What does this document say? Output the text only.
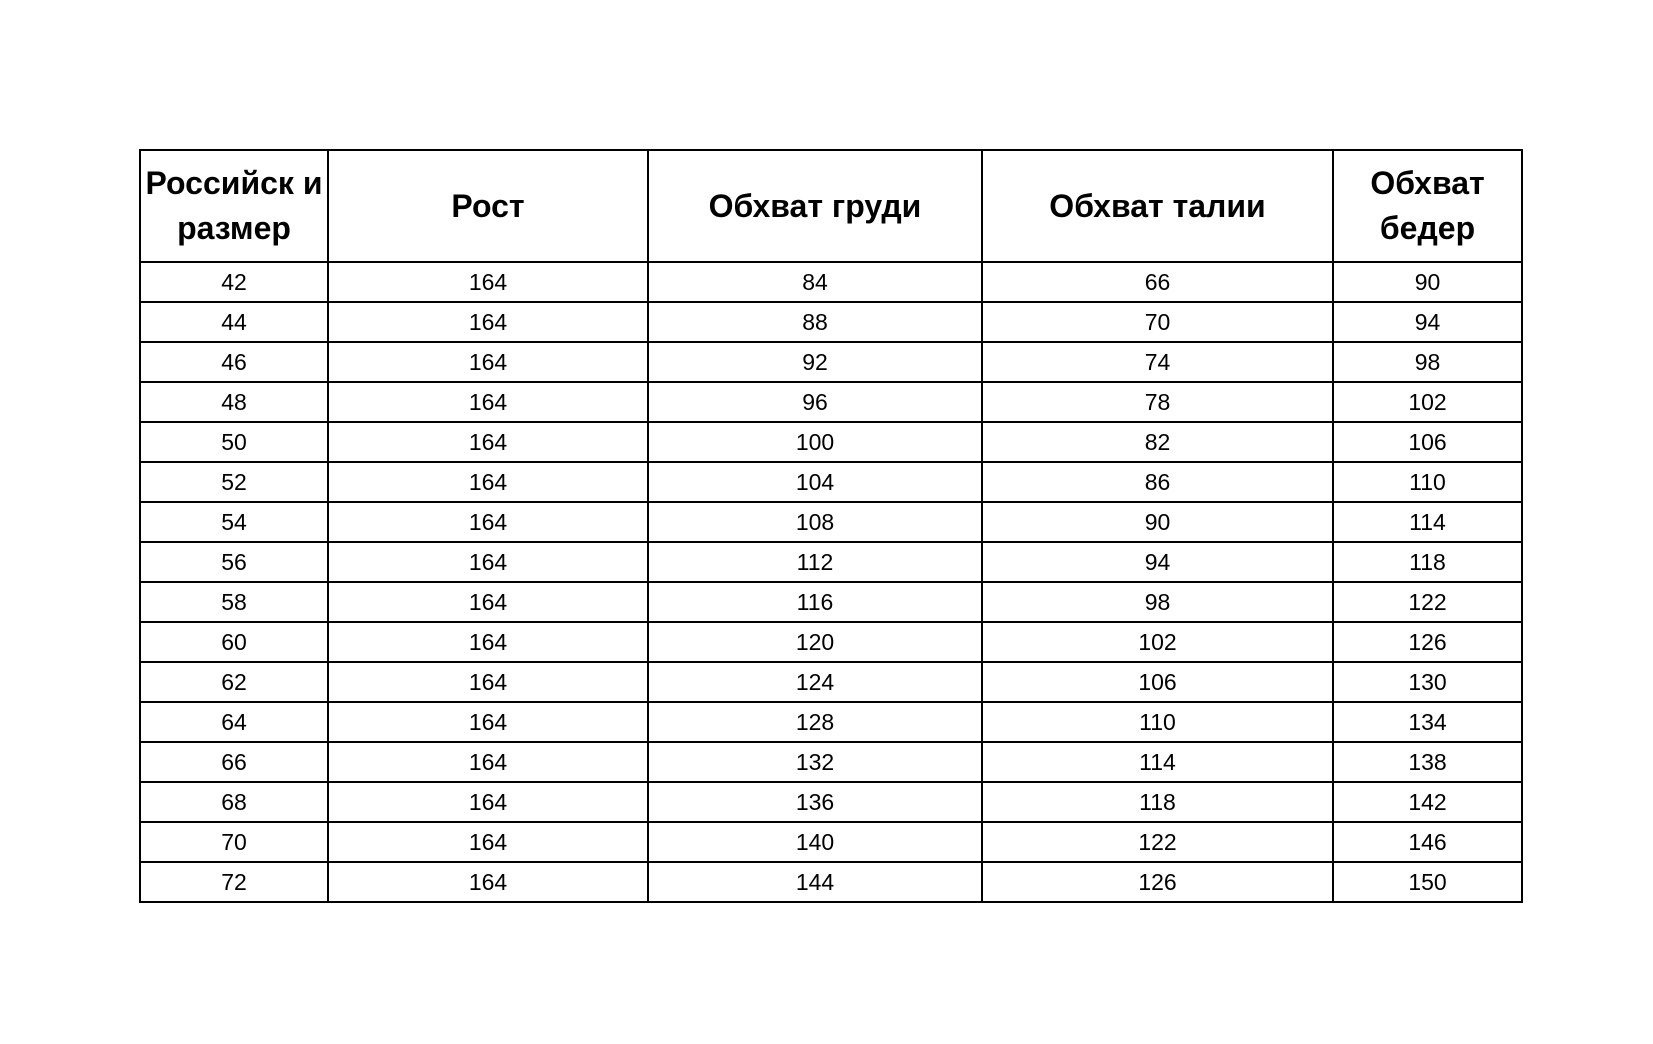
Российск и размер	Рост	Обхват груди	Обхват талии	Обхват бедер
42	164	84	66	90
44	164	88	70	94
46	164	92	74	98
48	164	96	78	102
50	164	100	82	106
52	164	104	86	110
54	164	108	90	114
56	164	112	94	118
58	164	116	98	122
60	164	120	102	126
62	164	124	106	130
64	164	128	110	134
66	164	132	114	138
68	164	136	118	142
70	164	140	122	146
72	164	144	126	150
